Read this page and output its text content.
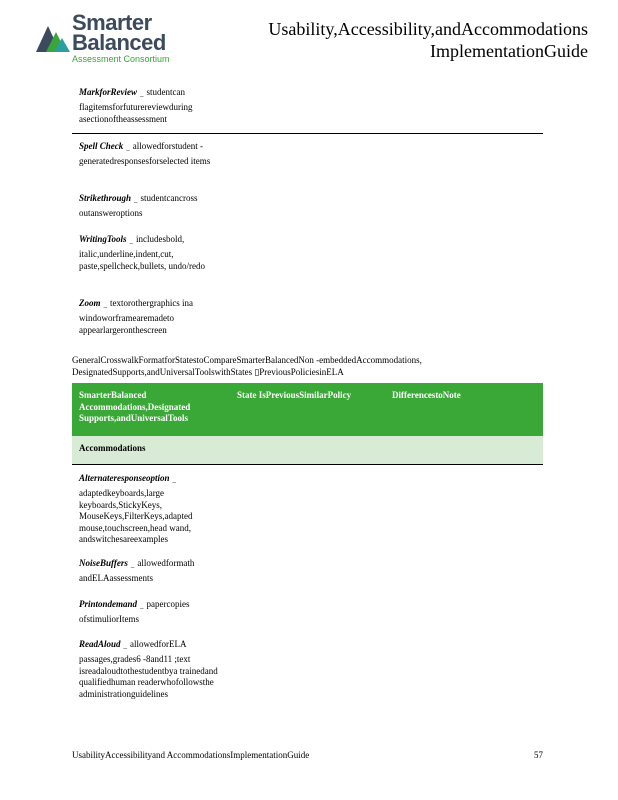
Smarter
Balanced
Assessment Consortium
Usability,Accessibility,andAccommodations
ImplementationGuide
MarkforReview $_-$ studentcan flagitemsforfuturereviewduring asectionoftheassessment
Spell Check $_-$ allowedforstudent - generatedresponsesforselected items
Strikethrough $_-$ studentcancross outansweroptions
WritingTools $_-$ includesbold, italic,underline,indent,cut, paste,spellcheck,bullets, undo/redo
Zoom $_-$ textorothergraphics ina windoworframearemadeto appearlargeronthescreen
GeneralCrosswalkFormatforStatestoCompareSmarterBalancedNon -embeddedAccommodations, DesignatedSupports,andUniversalToolswithStates ▯PreviousPoliciesinELA
SmarterBalanced Accommodations,Designated Supports,andUniversalTools
State IsPreviousSimilarPolicy	DifferencestoNote
Accommodations
Alternateresponseoption $_-$adaptedkeyboards,large keyboards,StickyKeys, MouseKeys,FilterKeys,adapted mouse,touchscreen,head wand, andswitchesareexamples
NoiseBuffers $_-$ allowedformath andELAassessments
Printondemand $_-$ papercopies ofstimuliorItems
ReadAloud $_-$ allowedforELA passages,grades6 -8and11 ;text isreadaloudtothestudentbya trainedand qualifiedhuman readerwhofollowsthe administrationguidelines
UsabilityAccessibilityand AccommodationsImplementationGuide	57
